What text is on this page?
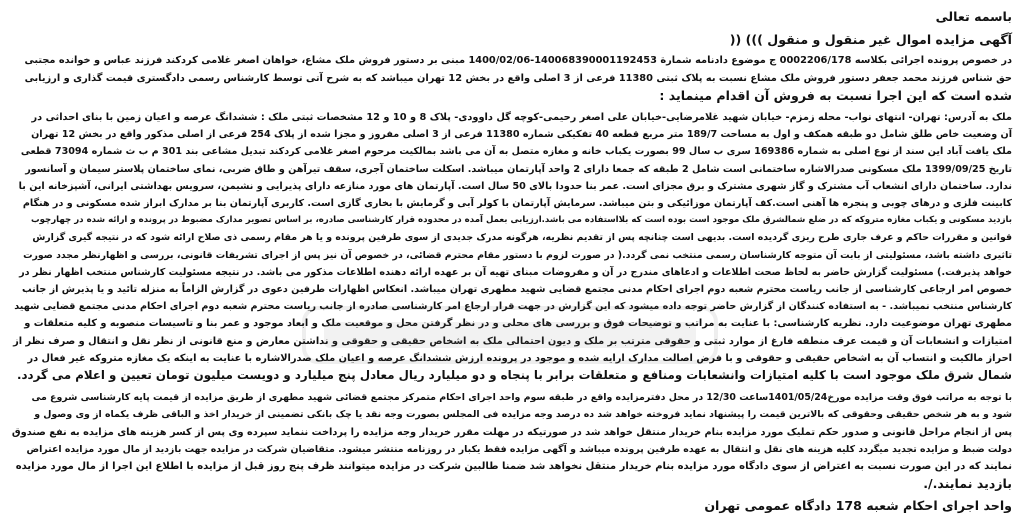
باسمه تعالی

آگهی مزایده اموال غیر منقول و منقول ))) ((

در خصوص پرونده اجرائی بکلاسه 0002206/178 ج موضوع دادنامه شمارة 140068390001192453-1400/02/06 مبنی بر دستور فروش ملک مشاع، خواهان اصغر غلامی کردکند فرزند عباس و خوانده مجتبی

حق شناس فرزند محمد جعفر دستور فروش ملک مشاع نسبت به پلاک ثبتی 11380 فرعی از 3 اصلی واقع در بخش 12 تهران میباشد که به شرح آتی توسط کارشناس رسمی دادگستری قیمت گذاری و ارزیابی

شده است که این اجرا نسبت به فروش آن اقدام مینماید :

ملک به آدرس: تهران- انتهای نواب- محله زمزم- خیابان شهید غلامرضایی-خیابان علی اصغر رحیمی-کوچه گل داوودی- پلاک 8 و 10 و 12 مشخصات ثبتی ملک : ششدانگ عرصه و اعیان زمین با بنای احداثی در

آن وضعیت خاص طلق شامل دو طبقه همکف و اول به مساحت 189/7 متر مربع قطعه 40 تفکیکی شماره 11380 فرعی از 3 اصلی مفروز و مجزا شده از پلاک 254 فرعی از اصلی مذکور واقع در بخش 12 تهران

ملک یافت آباد این سند از نوع اصلی به شماره 169386 سری ب سال 99 بصورت یکباب خانه و مغازه متصل به آن می باشد بمالکیت مرحوم اصغر غلامی کردکند تبدیل مشاعی بند 301 م ب ث شماره 73094 قطعی

تاریخ 1399/09/25 ملک مسکونی صدرالاشاره ساختمانی است شامل 2 طبقه که جمعا دارای 2 واحد آپارتمان میباشد. اسکلت ساختمان آجری، سقف تیرآهن و طاق ضربی، نمای ساختمان پلاستر سیمان و آسانسور

ندارد. ساختمان دارای انشعاب آب مشترک و گاز شهری مشترک و برق مجزای است. عمر بنا حدودا بالای 50 سال است. آپارتمان های مورد منازعه دارای پذیرایی و نشیمن، سرویس بهداشتی ایرانی، آشپزخانه این با

کابینت فلزی و درهای چوبی و پنجره ها آهنی است.کف آپارتمان موزائیکی و بتن میباشد. سرمایش آپارتمان با کولر آبی و گرمایش با بخاری گازی است. کاربری آپارتمان بنا بر مدارک ابراز شده مسکونی و در هنگام

بازدید مسکونی و یکباب مغازه متروکه که در ضلع شمالشرق ملک موجود است بوده است که بلااستفاده می باشد.ارزیابی بعمل آمده در محدوده قرار کارشناسی صادره، بر اساس تصویر مدارک مضبوط در پرونده و ارائه شده در چهارچوب

قوانین و مقررات حاکم و عرف جاری طرح ریزی گردیده است. بدیهی است چنانچه پس از تقدیم نظریه، هرگونه مدرک جدیدی از سوی طرفین پرونده و یا هر مقام رسمی ذی صلاح ارائه شود که در نتیجه گیری گزارش

تاثیری داشته باشد، مسئولیتی از بابت آن متوجه کارشناسان رسمی منتخب نمی گردد.( در صورت لزوم با دستور مقام محترم قضائی، در خصوص آن نیز پس از اجرای تشریفات قانونی، بررسی و اظهارنظر مجدد صورت

خواهد پذیرفت.) مسئولیت گزارش حاضر به لحاظ صحت اطلاعات و ادعاهای مندرج در آن و مفروضات مبنای تهیه آن بر عهده ارائه دهنده اطلاعات مذکور می باشد. در نتیجه مسئولیت کارشناس منتخب اظهار نظر در

خصوص امر ارجاعی کارشناسی از جانب ریاست محترم شعبه دوم اجرای احکام مدنی مجتمع قضایی شهید مطهری تهران میباشد. انعکاس اظهارات طرفین دعوی در گزارش الزاماً به منزله تائید و یا پذیرش از جانب

کارشناس منتخب نمیباشد. - به استفاده کنندگان از گزارش حاضر توجه داده میشود که این گزارش در جهت قرار ارجاع امر کارشناسی صادره از جانب ریاست محترم شعبه دوم اجرای احکام مدنی مجتمع قضایی شهید

مطهری تهران موضوعیت دارد. نظریه کارشناسی: با عنایت به مراتب و توضیحات فوق و بررسی های محلی و در نظر گرفتن محل و موقعیت ملک و ابعاد موجود و عمر بنا و تاسیسات منصوبه و کلیه متعلقات و

امتیازات و انشعابات آن و قیمت عرف منطقه فارغ از موارد ثبتی و حقوقی مترتب بر ملک و دیون احتمالی ملک به اشخاص حقیقی و حقوقی و نداشتن معارض و منع قانونی از نظر نقل و انتقال و صرف نظر از

احراز مالکیت و انتساب آن به اشخاص حقیقی و حقوقی و با فرض اصالت مدارک ارایه شده و موجود در پرونده ارزش ششدانگ عرصه و اعیان ملک صدرالاشاره با عنایت به اینکه یک مغازه متروکه غیر فعال در

شمال شرق ملک موجود است با کلیه امتیازات وانشعابات ومنافع و متعلقات برابر با پنجاه و دو میلیارد ریال معادل پنج میلیارد و دویست میلیون تومان تعیین و اعلام می گردد.

با توجه به مراتب فوق وقت مزایده مورخ1401/05/24ساعت 12/30 در محل دفترمزایده واقع در طبقه سوم واحد اجرای احکام متمرکز مجتمع قضائی شهید مطهری از طریق مزایده از قیمت پایه کارشناسی شروع می

شود و به هر شخص حقیقی وحقوقی که بالاترین قیمت را پیشنهاد نماید فروخته خواهد شد ده درصد وجه مزایده فی المجلس بصورت وجه نقد یا چک بانکی تضمینی از خریدار اخذ و الباقی ظرف یکماه از وی وصول و

پس از انجام مراحل قانونی و صدور حکم تملیک مورد مزایده بنام خریدار منتقل خواهد شد در صورتیکه در مهلت مقرر خریدار وجه مزایده را پرداخت ننماید سپرده وی پس از کسر هزینه های مزایده به نفع صندوق

دولت ضبط و مزایده تجدید میگردد کلیه هزینه های نقل و انتقال به عهده طرفین پرونده میباشد و آگهی مزایده فقط یکبار در روزنامه منتشر میشود. متقاضیان شرکت در مزایده جهت بازدید از مال مورد مزایده اعتراض

نمایند که در این صورت نسبت به اعتراض از سوی دادگاه مورد مزایده بنام خریدار منتقل نخواهد شد ضمنا طالبین شرکت در مزایده میتوانند ظرف پنج روز قبل از مزایده با اطلاع این اجرا از مال مورد مزایده

بازدید نمایند./.

واحد اجرای احکام شعبه 178 دادگاه عمومی تهران
